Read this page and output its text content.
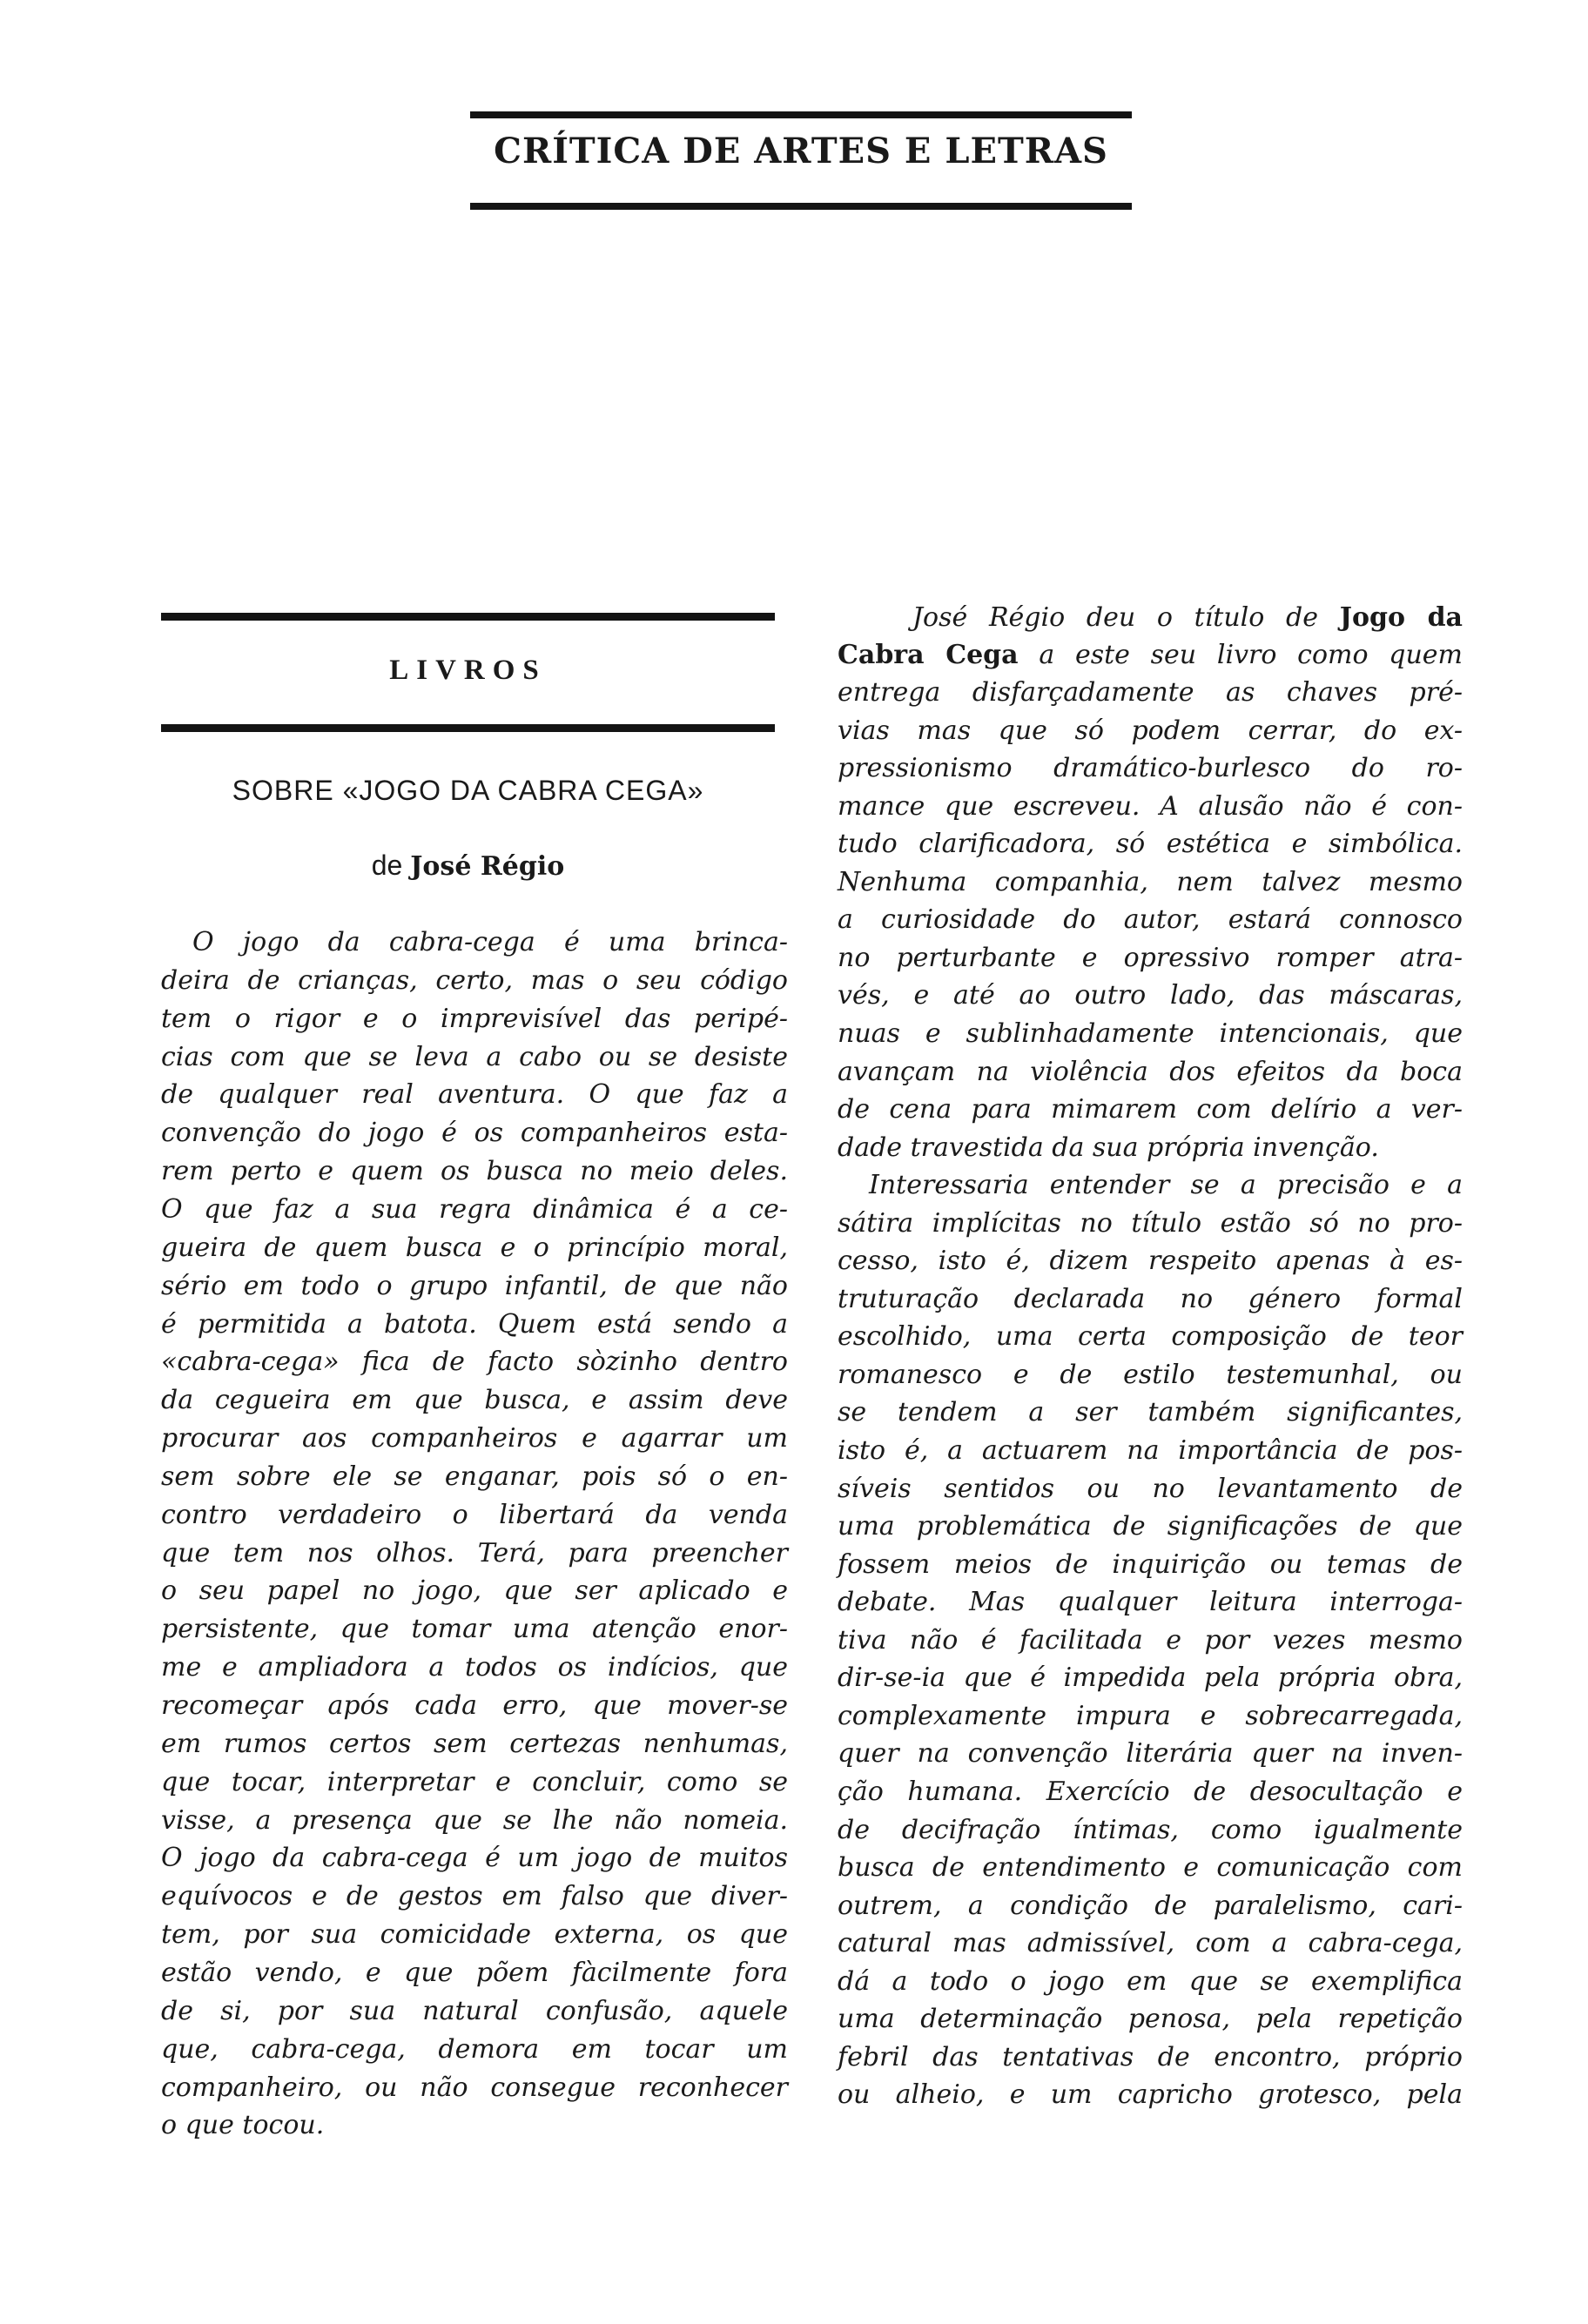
CRÍTICA DE ARTES E LETRAS
LIVROS
SOBRE «JOGO DA CABRA CEGA»
de José Régio
O jogo da cabra-cega é uma brinca-
deira de crianças, certo, mas o seu código
tem o rigor e o imprevisível das peripé-
cias com que se leva a cabo ou se desiste
de qualquer real aventura. O que faz a
convenção do jogo é os companheiros esta-
rem perto e quem os busca no meio deles.
O que faz a sua regra dinâmica é a ce-
gueira de quem busca e o princípio moral,
sério em todo o grupo infantil, de que não
é permitida a batota. Quem está sendo a
«cabra-cega» fica de facto sòzinho dentro
da cegueira em que busca, e assim deve
procurar aos companheiros e agarrar um
sem sobre ele se enganar, pois só o en-
contro verdadeiro o libertará da venda
que tem nos olhos. Terá, para preencher
o seu papel no jogo, que ser aplicado e
persistente, que tomar uma atenção enor-
me e ampliadora a todos os indícios, que
recomeçar após cada erro, que mover-se
em rumos certos sem certezas nenhumas,
que tocar, interpretar e concluir, como se
visse, a presença que se lhe não nomeia.
O jogo da cabra-cega é um jogo de muitos
equívocos e de gestos em falso que diver-
tem, por sua comicidade externa, os que
estão vendo, e que põem fàcilmente fora
de si, por sua natural confusão, aquele
que, cabra-cega, demora em tocar um
companheiro, ou não consegue reconhecer
o que tocou.
José Régio deu o título de Jogo da
Cabra Cega a este seu livro como quem
entrega disfarçadamente as chaves pré-
vias mas que só podem cerrar, do ex-
pressionismo dramático-burlesco do ro-
mance que escreveu. A alusão não é con-
tudo clarificadora, só estética e simbólica.
Nenhuma companhia, nem talvez mesmo
a curiosidade do autor, estará connosco
no perturbante e opressivo romper atra-
vés, e até ao outro lado, das máscaras,
nuas e sublinhadamente intencionais, que
avançam na violência dos efeitos da boca
de cena para mimarem com delírio a ver-
dade travestida da sua própria invenção.
Interessaria entender se a precisão e a
sátira implícitas no título estão só no pro-
cesso, isto é, dizem respeito apenas à es-
truturação declarada no género formal
escolhido, uma certa composição de teor
romanesco e de estilo testemunhal, ou
se tendem a ser também significantes,
isto é, a actuarem na importância de pos-
síveis sentidos ou no levantamento de
uma problemática de significações de que
fossem meios de inquirição ou temas de
debate. Mas qualquer leitura interroga-
tiva não é facilitada e por vezes mesmo
dir-se-ia que é impedida pela própria obra,
complexamente impura e sobrecarregada,
quer na convenção literária quer na inven-
ção humana. Exercício de desocultação e
de decifração íntimas, como igualmente
busca de entendimento e comunicação com
outrem, a condição de paralelismo, cari-
catural mas admissível, com a cabra-cega,
dá a todo o jogo em que se exemplifica
uma determinação penosa, pela repetição
febril das tentativas de encontro, próprio
ou alheio, e um capricho grotesco, pela
